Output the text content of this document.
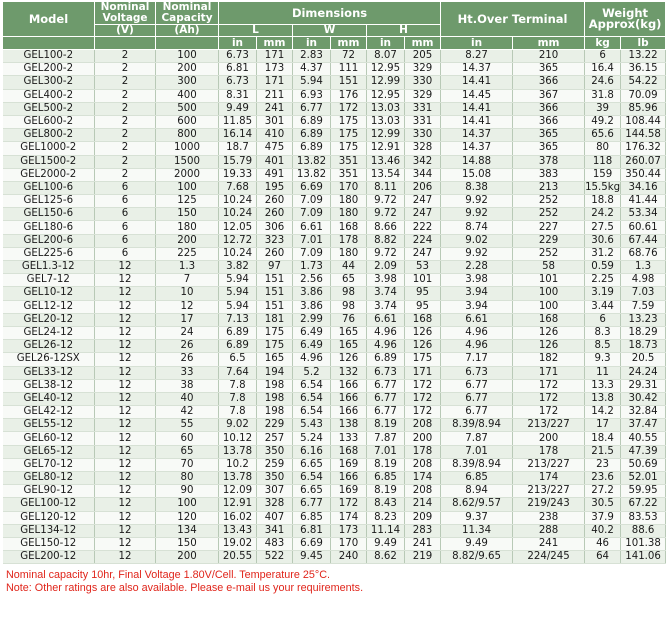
Model	Nominal Voltage	Nominal Capacity	Dimensions						Ht.Over Terminal		Weight Approx(kg)	
	(V)	(Ah)	L		W		H					
			in	mm	in	mm	in	mm	in	mm	kg	lb
GEL100-2	2	100	6.73	171	2.83	72	8.07	205	8.27	210	6	13.22
GEL200-2	2	200	6.81	173	4.37	111	12.95	329	14.37	365	16.4	36.15
GEL300-2	2	300	6.73	171	5.94	151	12.99	330	14.41	366	24.6	54.22
GEL400-2	2	400	8.31	211	6.93	176	12.95	329	14.45	367	31.8	70.09
GEL500-2	2	500	9.49	241	6.77	172	13.03	331	14.41	366	39	85.96
GEL600-2	2	600	11.85	301	6.89	175	13.03	331	14.41	366	49.2	108.44
GEL800-2	2	800	16.14	410	6.89	175	12.99	330	14.37	365	65.6	144.58
GEL1000-2	2	1000	18.7	475	6.89	175	12.91	328	14.37	365	80	176.32
GEL1500-2	2	1500	15.79	401	13.82	351	13.46	342	14.88	378	118	260.07
GEL2000-2	2	2000	19.33	491	13.82	351	13.54	344	15.08	383	159	350.44
GEL100-6	6	100	7.68	195	6.69	170	8.11	206	8.38	213	15.5kg	34.16
GEL125-6	6	125	10.24	260	7.09	180	9.72	247	9.92	252	18.8	41.44
GEL150-6	6	150	10.24	260	7.09	180	9.72	247	9.92	252	24.2	53.34
GEL180-6	6	180	12.05	306	6.61	168	8.66	222	8.74	227	27.5	60.61
GEL200-6	6	200	12.72	323	7.01	178	8.82	224	9.02	229	30.6	67.44
GEL225-6	6	225	10.24	260	7.09	180	9.72	247	9.92	252	31.2	68.76
GEL1.3-12	12	1.3	3.82	97	1.73	44	2.09	53	2.28	58	0.59	1.3
GEL7-12	12	7	5.94	151	2.56	65	3.98	101	3.98	101	2.25	4.98
GEL10-12	12	10	5.94	151	3.86	98	3.74	95	3.94	100	3.19	7.03
GEL12-12	12	12	5.94	151	3.86	98	3.74	95	3.94	100	3.44	7.59
GEL20-12	12	17	7.13	181	2.99	76	6.61	168	6.61	168	6	13.23
GEL24-12	12	24	6.89	175	6.49	165	4.96	126	4.96	126	8.3	18.29
GEL26-12	12	26	6.89	175	6.49	165	4.96	126	4.96	126	8.5	18.73
GEL26-12SX	12	26	6.5	165	4.96	126	6.89	175	7.17	182	9.3	20.5
GEL33-12	12	33	7.64	194	5.2	132	6.73	171	6.73	171	11	24.24
GEL38-12	12	38	7.8	198	6.54	166	6.77	172	6.77	172	13.3	29.31
GEL40-12	12	40	7.8	198	6.54	166	6.77	172	6.77	172	13.8	30.42
GEL42-12	12	42	7.8	198	6.54	166	6.77	172	6.77	172	14.2	32.84
GEL55-12	12	55	9.02	229	5.43	138	8.19	208	8.39/8.94	213/227	17	37.47
GEL60-12	12	60	10.12	257	5.24	133	7.87	200	7.87	200	18.4	40.55
GEL65-12	12	65	13.78	350	6.16	168	7.01	178	7.01	178	21.5	47.39
GEL70-12	12	70	10.2	259	6.65	169	8.19	208	8.39/8.94	213/227	23	50.69
GEL80-12	12	80	13.78	350	6.54	166	6.85	174	6.85	174	23.6	52.01
GEL90-12	12	90	12.09	307	6.65	169	8.19	208	8.94	213/227	27.2	59.95
GEL100-12	12	100	12.91	328	6.77	172	8.43	214	8.62/9.57	219/243	30.5	67.22
GEL120-12	12	120	16.02	407	6.85	174	8.23	209	9.37	238	37.9	83.53
GEL134-12	12	134	13.43	341	6.81	173	11.14	283	11.34	288	40.2	88.6
GEL150-12	12	150	19.02	483	6.69	170	9.49	241	9.49	241	46	101.38
GEL200-12	12	200	20.55	522	9.45	240	8.62	219	8.82/9.65	224/245	64	141.06
Nominal capacity 10hr, Final Voltage 1.80V/Cell. Temperature 25°C.
Note: Other ratings are also available. Please e-mail us your requirements.
